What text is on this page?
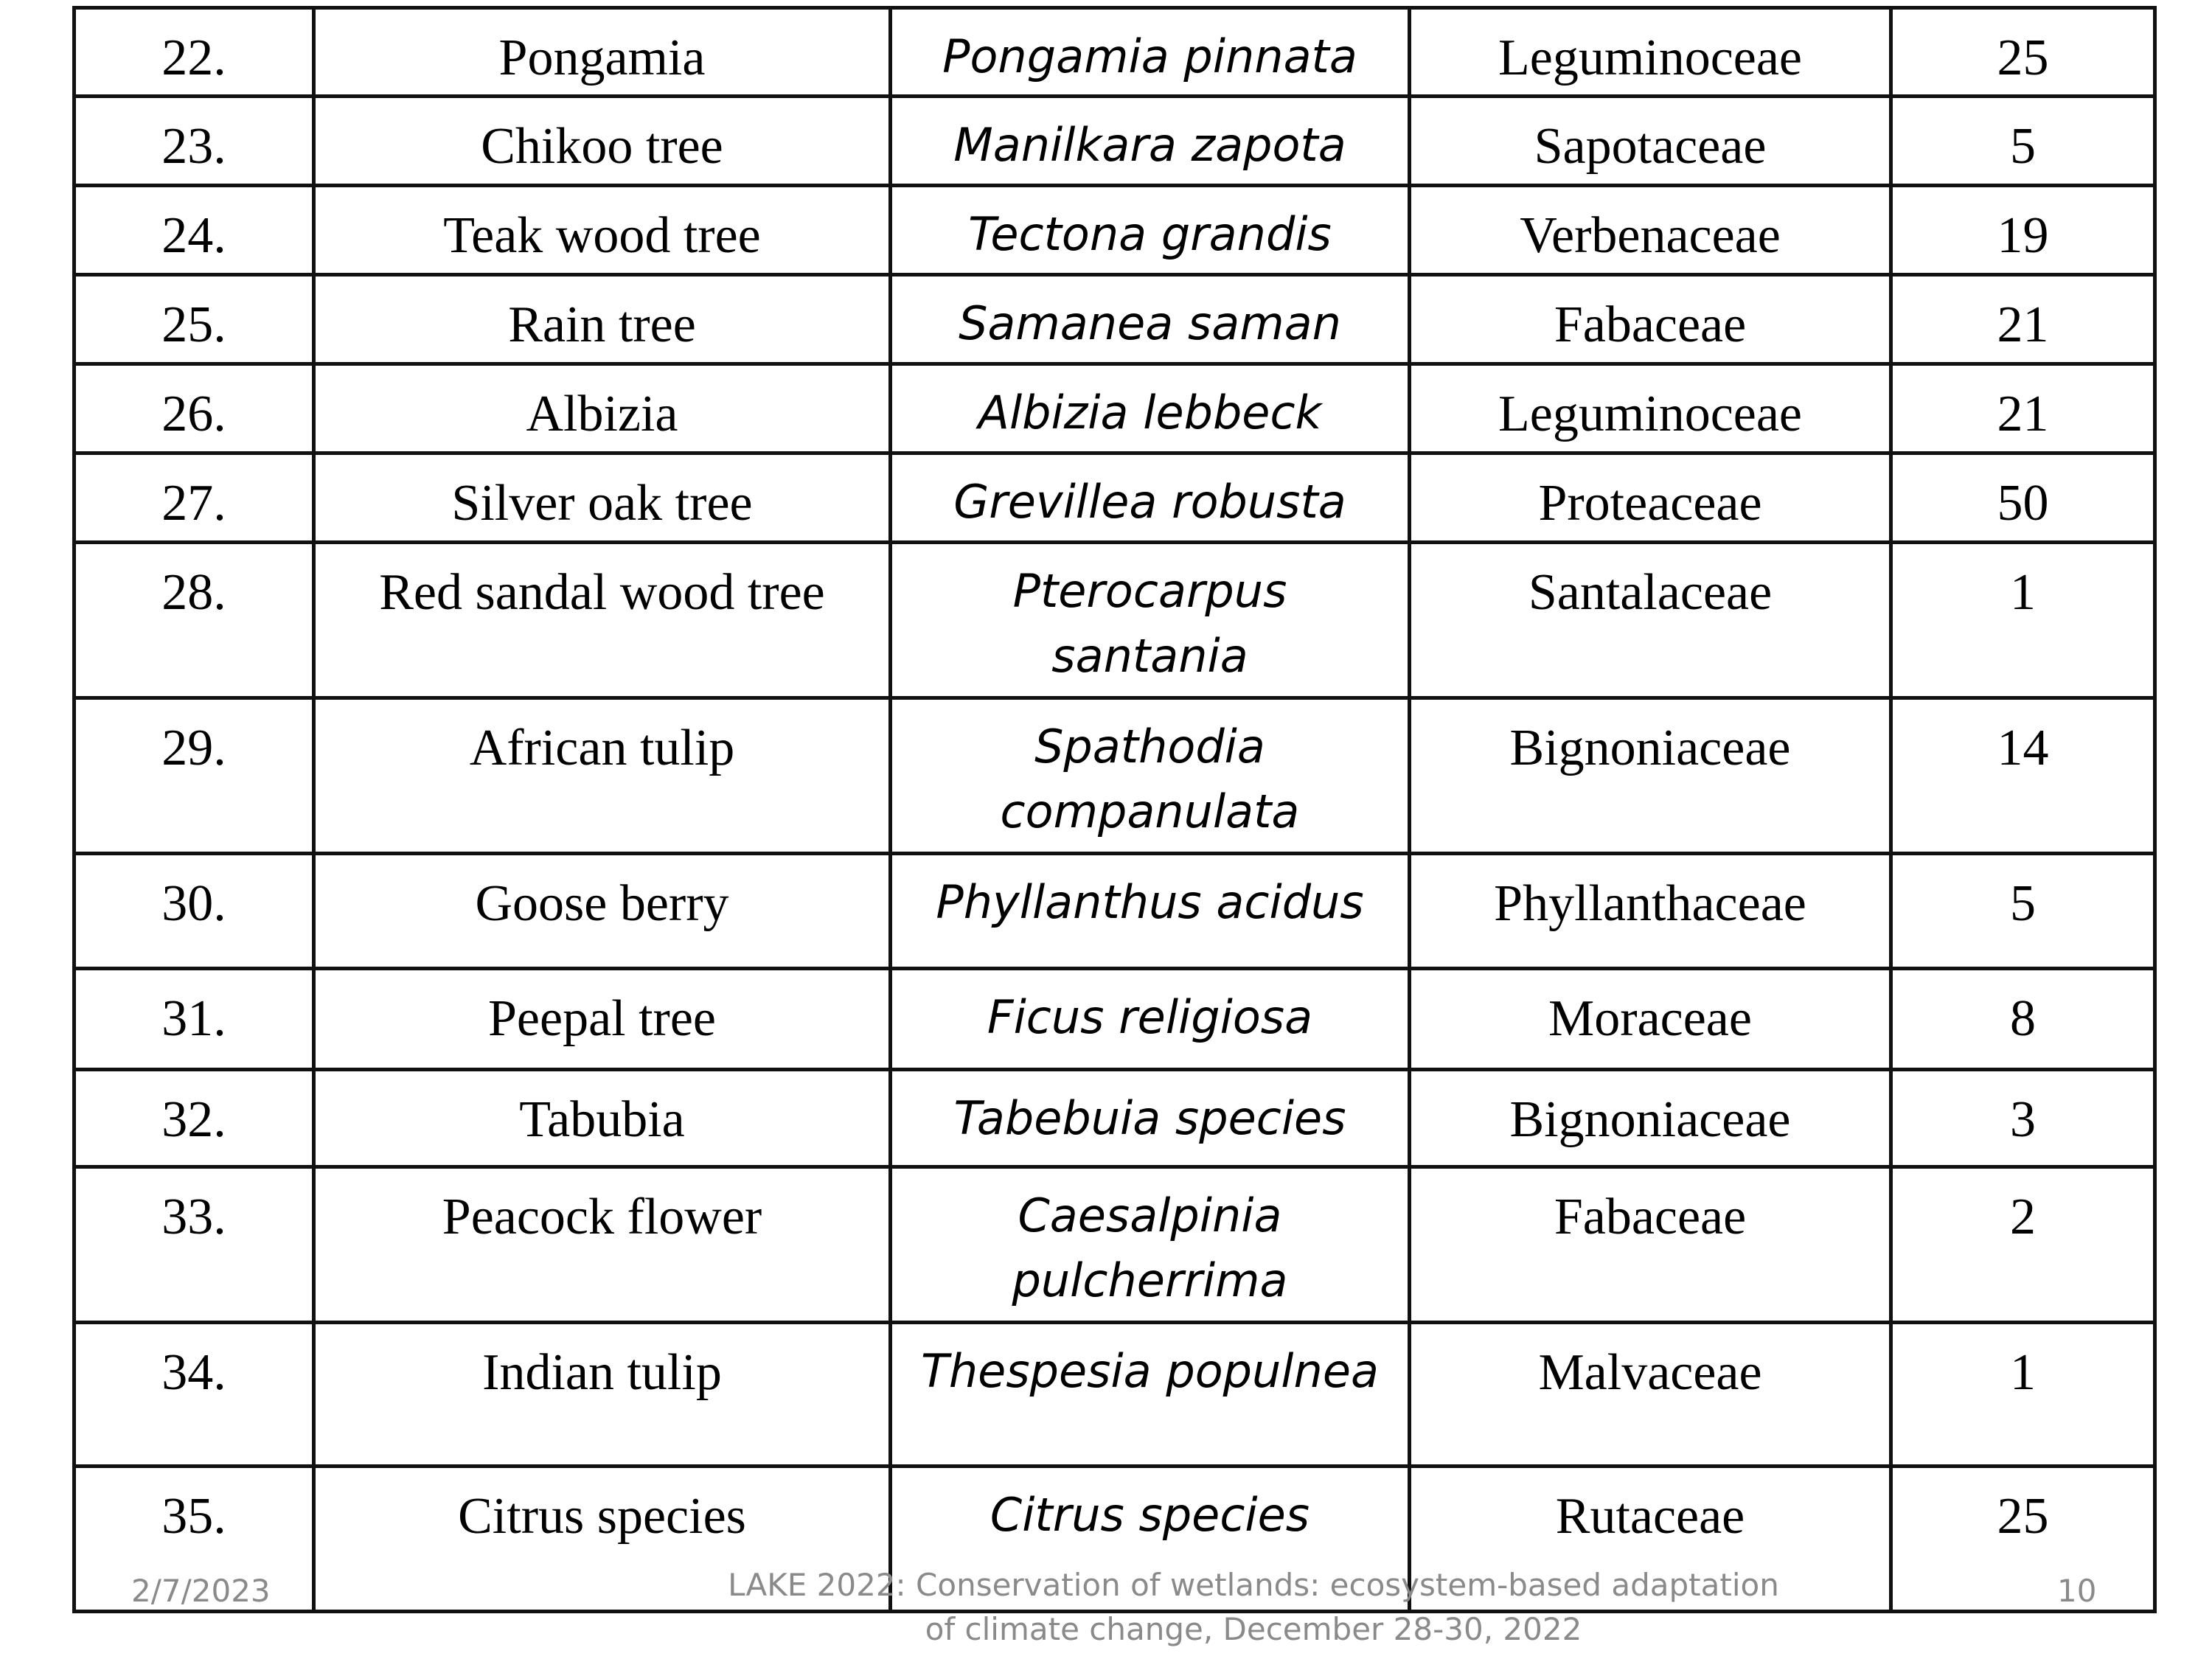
22.	Pongamia	Pongamia pinnata	Leguminoceae	25
23.	Chikoo tree	Manilkara zapota	Sapotaceae	5
24.	Teak wood tree	Tectona grandis	Verbenaceae	19
25.	Rain tree	Samanea saman	Fabaceae	21
26.	Albizia	Albizia lebbeck	Leguminoceae	21
27.	Silver oak tree	Grevillea robusta	Proteaceae	50
28.	Red sandal wood tree	Pterocarpus santania	Santalaceae	1
29.	African tulip	Spathodia companulata	Bignoniaceae	14
30.	Goose berry	Phyllanthus acidus	Phyllanthaceae	5
31.	Peepal tree	Ficus religiosa	Moraceae	8
32.	Tabubia	Tabebuia species	Bignoniaceae	3
33.	Peacock flower	Caesalpinia pulcherrima	Fabaceae	2
34.	Indian tulip	Thespesia populnea	Malvaceae	1
35.	Citrus species	Citrus species	Rutaceae	25
2/7/2023	LAKE 2022: Conservation of wetlands: ecosystem-based adaptation
of climate change, December 28-30, 2022
10
